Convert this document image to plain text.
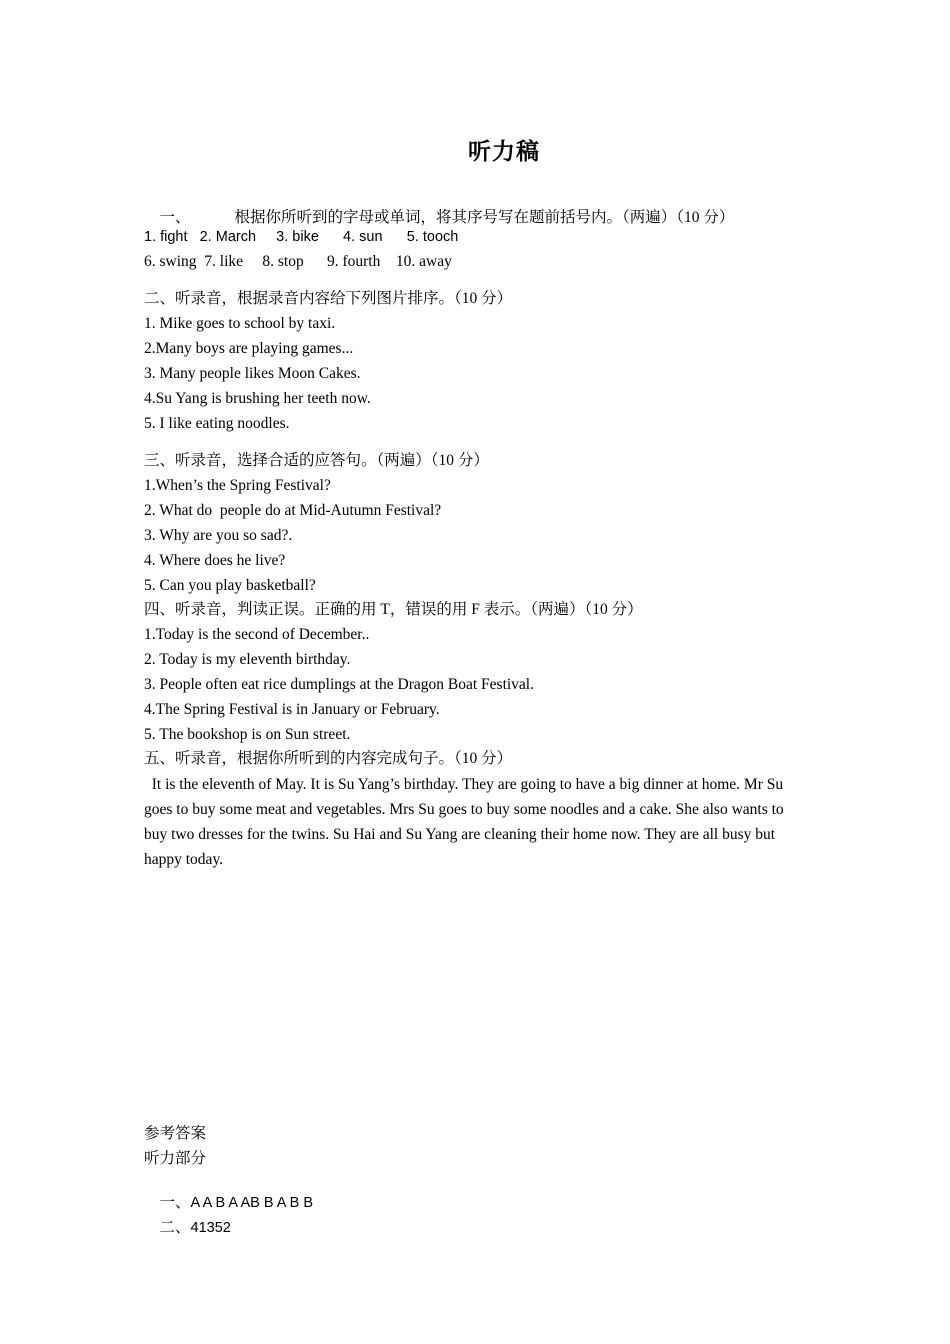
听力稿

一、	根据你所听到的字母或单词，将其序号写在题前括号内。（两遍）（10 分）

1. fight   2. March     3. bike      4. sun      5. tooch
6. swing  7. like     8. stop      9. fourth    10. away
二、听录音，根据录音内容给下列图片排序。（10 分）
1. Mike goes to school by taxi.
2.Many boys are playing games...
3. Many people likes Moon Cakes.
4.Su Yang is brushing her teeth now.
5. I like eating noodles.
三、听录音，选择合适的应答句。（两遍）（10 分）
1.When’s the Spring Festival?
2. What do  people do at Mid-Autumn Festival?
3. Why are you so sad?.
4. Where does he live?
5. Can you play basketball?
四、听录音，判读正误。正确的用 T，错误的用 F 表示。（两遍）（10 分）
1.Today is the second of December..
2. Today is my eleventh birthday.
3. People often eat rice dumplings at the Dragon Boat Festival.
4.The Spring Festival is in January or February.
5. The bookshop is on Sun street.
五、听录音，根据你所听到的内容完成句子。（10 分）
It is the eleventh of May. It is Su Yang’s birthday. They are going to have a big dinner at home. Mr Su goes to buy some meat and vegetables. Mrs Su goes to buy some noodles and a cake. She also wants to buy two dresses for the twins. Su Hai and Su Yang are cleaning their home now. They are all busy but happy today.
参考答案
听力部分

一、A A B A AB B A B B

二、41352
